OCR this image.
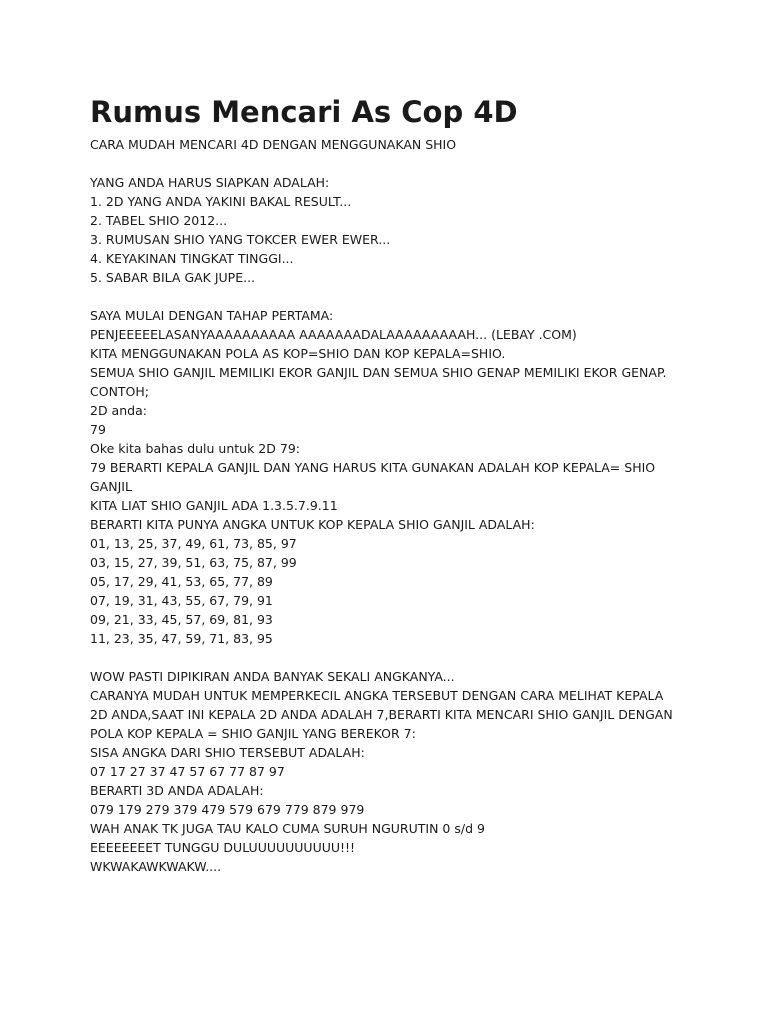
Rumus Mencari As Cop 4D
CARA MUDAH MENCARI 4D DENGAN MENGGUNAKAN SHIO
YANG ANDA HARUS SIAPKAN ADALAH:
1. 2D YANG ANDA YAKINI BAKAL RESULT...
2. TABEL SHIO 2012...
3. RUMUSAN SHIO YANG TOKCER EWER EWER...
4. KEYAKINAN TINGKAT TINGGI...
5. SABAR BILA GAK JUPE...
SAYA MULAI DENGAN TAHAP PERTAMA:
PENJEEEEELASANYAAAAAAAAAA AAAAAAADALAAAAAAAAAH... (LEBAY .COM)
KITA MENGGUNAKAN POLA AS KOP=SHIO DAN KOP KEPALA=SHIO.
SEMUA SHIO GANJIL MEMILIKI EKOR GANJIL DAN SEMUA SHIO GENAP MEMILIKI EKOR GENAP.
CONTOH;
2D anda:
79
Oke kita bahas dulu untuk 2D 79:
79 BERARTI KEPALA GANJIL DAN YANG HARUS KITA GUNAKAN ADALAH KOP KEPALA= SHIO
GANJIL
KITA LIAT SHIO GANJIL ADA 1.3.5.7.9.11
BERARTI KITA PUNYA ANGKA UNTUK KOP KEPALA SHIO GANJIL ADALAH:
01, 13, 25, 37, 49, 61, 73, 85, 97
03, 15, 27, 39, 51, 63, 75, 87, 99
05, 17, 29, 41, 53, 65, 77, 89
07, 19, 31, 43, 55, 67, 79, 91
09, 21, 33, 45, 57, 69, 81, 93
11, 23, 35, 47, 59, 71, 83, 95
WOW PASTI DIPIKIRAN ANDA BANYAK SEKALI ANGKANYA...
CARANYA MUDAH UNTUK MEMPERKECIL ANGKA TERSEBUT DENGAN CARA MELIHAT KEPALA
2D ANDA,SAAT INI KEPALA 2D ANDA ADALAH 7,BERARTI KITA MENCARI SHIO GANJIL DENGAN
POLA KOP KEPALA = SHIO GANJIL YANG BEREKOR 7:
SISA ANGKA DARI SHIO TERSEBUT ADALAH:
07 17 27 37 47 57 67 77 87 97
BERARTI 3D ANDA ADALAH:
079 179 279 379 479 579 679 779 879 979
WAH ANAK TK JUGA TAU KALO CUMA SURUH NGURUTIN 0 s/d 9
EEEEEEEET TUNGGU DULUUUUUUUUUU!!!
WKWAKAWKWAKW....
